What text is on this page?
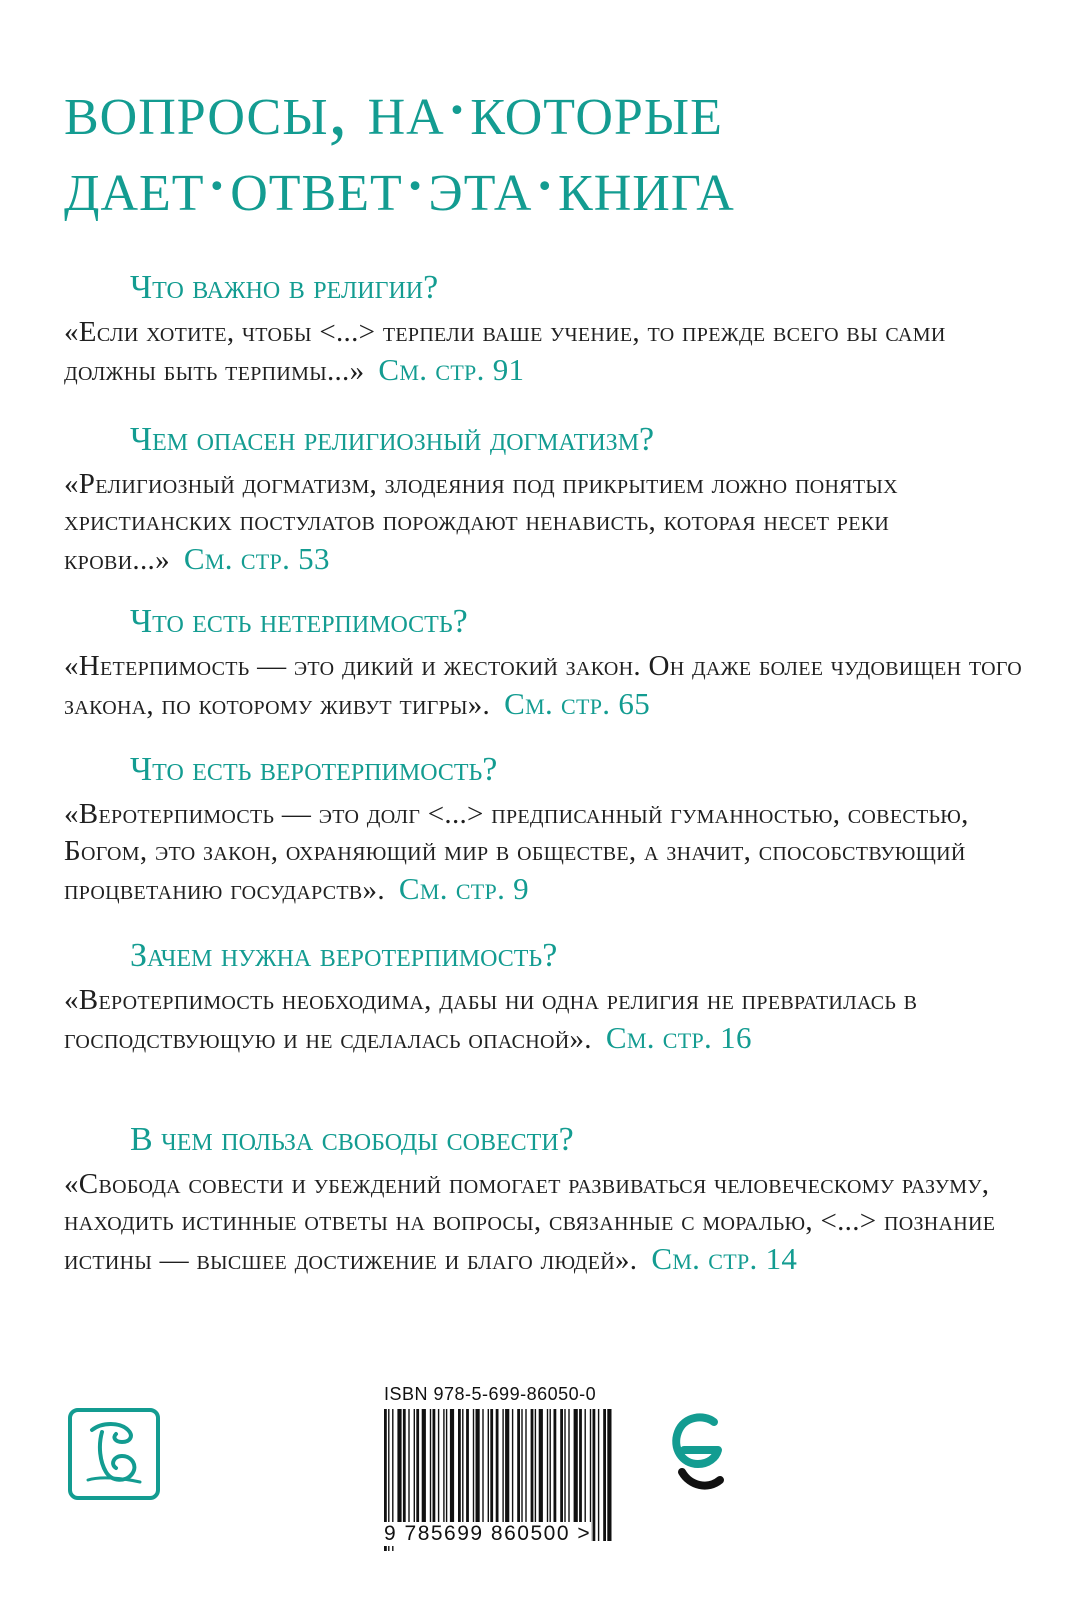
вопросы, на·которые
дает·ответ·эта·книга
Что важно в религии?
«Если хотите, чтобы <...> терпели ваше учение, то прежде всего вы сами должны быть терпимы...» См. стр. 91
Чем опасен религиозный догматизм?
«Религиозный догматизм, злодеяния под прикрытием ложно понятых христианских постулатов порождают ненависть, которая несет реки крови...» См. стр. 53
Что есть нетерпимость?
«Нетерпимость — это дикий и жестокий закон. Он даже более чудовищен того закона, по которому живут тигры». См. стр. 65
Что есть веротерпимость?
«Веротерпимость — это долг <...> предписанный гуманностью, совестью, Богом, это закон, охраняющий мир в обществе, а значит, способствующий процветанию государств». См. стр. 9
Зачем нужна веротерпимость?
«Веротерпимость необходима, дабы ни одна религия не превратилась в господствующую и не сделалась опасной». См. стр. 16
В чем польза свободы совести?
«Свобода совести и убеждений помогает развиваться человеческому разуму, находить истинные ответы на вопросы, связанные с моралью, <...> познание истины — высшее достижение и благо людей». См. стр. 14
ISBN 978-5-699-86050-0
9 785699 860500 >
